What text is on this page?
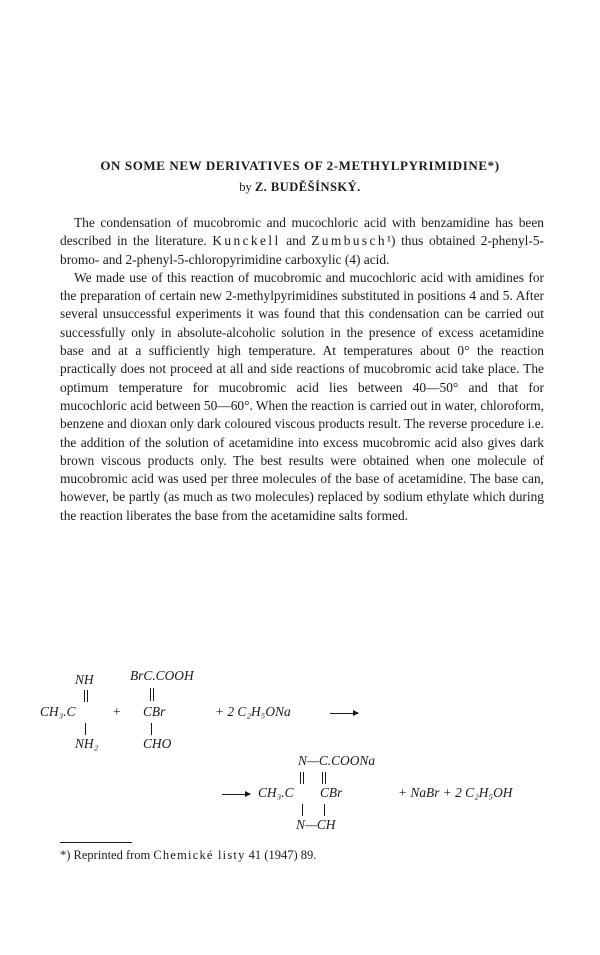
ON SOME NEW DERIVATIVES OF 2-METHYLPYRIMIDINE*)
by Z. BUDĚŠÍNSKÝ.

The condensation of mucobromic and mucochloric acid with benzamidine has been described in the literature. Kunckell and Zumbusch¹) thus obtained 2-phenyl-5-bromo- and 2-phenyl-5-chloropyrimidine carboxylic (4) acid.

We made use of this reaction of mucobromic and mucochloric acid with amidines for the preparation of certain new 2-methylpyrimidines substituted in positions 4 and 5. After several unsuccessful experiments it was found that this condensation can be carried out successfully only in absolute-alcoholic solution in the presence of excess acetamidine base and at a sufficiently high temperature. At temperatures about 0° the reaction practically does not proceed at all and side reactions of mucobromic acid take place. The optimum temperature for mucobromic acid lies between 40—50° and that for mucochloric acid between 50—60°. When the reaction is carried out in water, chloroform, benzene and dioxan only dark coloured viscous products result. The reverse procedure i.e. the addition of the solution of acetamidine into excess mucobromic acid also gives dark brown viscous products only. The best results were obtained when one molecule of mucobromic acid was used per three molecules of the base of acetamidine. The base can, however, be partly (as much as two molecules) replaced by sodium ethylate which during the reaction liberates the base from the acetamidine salts formed.

NH
CH₃.C
NH₂
+
BrC.COOH
CBr
CHO
+ 2 C₂H₅ONa
N—C.COONa
→ CH₃.C CBr
N—CH
+ NaBr + 2 C₂H₅OH
*) Reprinted from Chemické listy 41 (1947) 89.
